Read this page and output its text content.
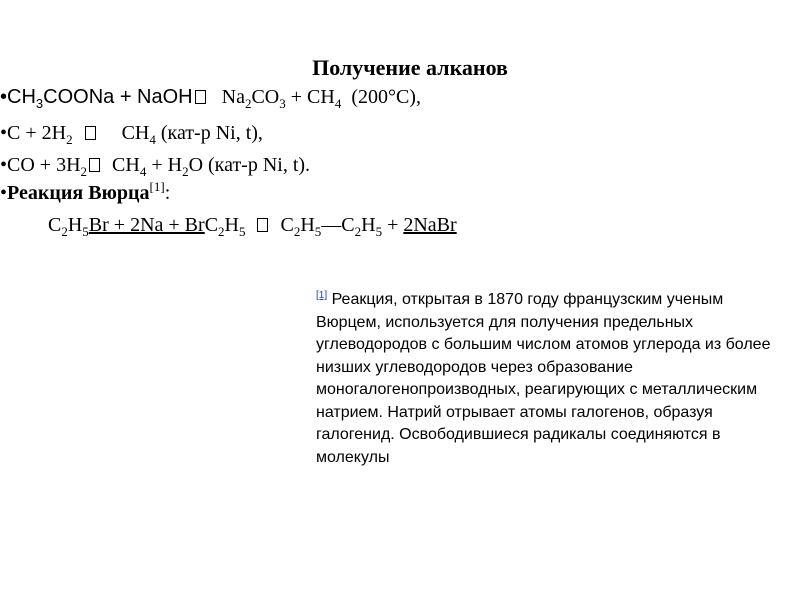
Получение алканов
$•CH_3COONa$ + NaOH $Na_2CO_3 + CH_4$ (200°C),
•C + $2H_2$ $CH_4$ (кат-р Ni, t),
•CO + $3H_2$ $CH_4 + H_2O$ (кат-р Ni, t).
•Реакция Вюрца[1]:
$C_2H_5Br + 2Na + BrC_2H_5$ $C_2H_5—C_2H_5$ + 2NaBr
[1] Реакция, открытая в 1870 году французским ученым Вюрцем, используется для получения предельных углеводородов с большим числом атомов углерода из более низших углеводородов через образование моногалогенопроизводных, реагирующих с металлическим натрием. Натрий отрывает атомы галогенов, образуя галогенид. Освободившиеся радикалы соединяются в молекулы
